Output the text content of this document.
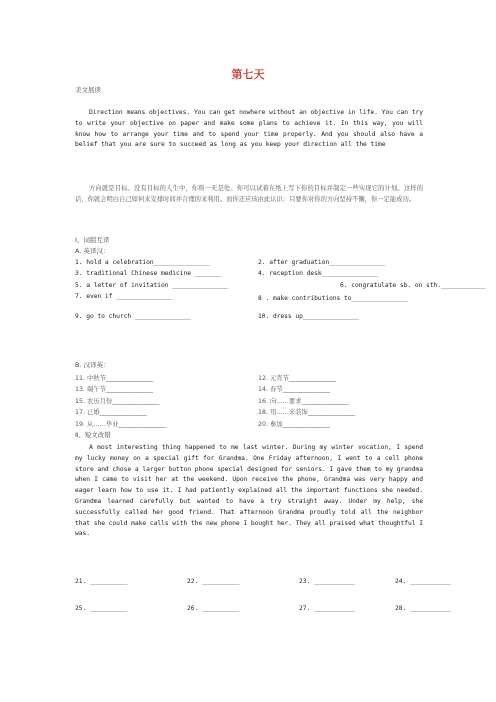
第七天
美文展读
Direction means objectives. You can get nowhere without an objective in life. You can try to write your objective on paper and make some plans to achieve it. In this way, you will know how to arrange your time and to spend your time properly. And you should also have a belief that you are sure to succeed as long as you keep your direction all the time
方向就是目标。没有目标的人生中，你将一无是处。你可以试着在纸上写下你的目标并制定一些实现它的计划。这样的话，你就会明白自己如何来安排时间并合理的来利用。而你还应该由此认识：只要你对你的方向坚持不懈，你一定能成功。
Ⅰ、词组互译
A. 英译汉：
1. hold a celebration_______________	2. after graduation_______________
3. traditional Chinese medicine _______	4. reception desk_______________
5. a letter of invitation _______________	6. congratulate sb. on sth.____________
7. even if _______________	8 . make contributions to_______________
9. go to church _______________	10. dress up_______________
B. 汉译英：
11. 中秋节_______________	12. 元宵节_______________
13. 端午节_______________	14. 春节_______________
15. 农历月份_______________	16. 向……要求_______________
17. 已婚_______________	18. 用……来装饰_______________
19. 从……毕业_______________	20. 参加_______________
Ⅱ、短文改错
A most interesting thing happened to me last winter. During my winter vocation, I spend my lucky money on a special gift for Grandma. One Friday afternoon, I went to a cell phone store and chose a larger button phone special designed for seniors. I gave them to my grandma when I came to visit her at the weekend. Upon receive the phone, Grandma was very happy and eager learn how to use it. I had patiently explained all the important functions she needed. Grandma learned carefully but wanted to have a try straight away. Under my help, she successfully called her good friend. That afternoon Grandma proudly told all the neighbor that she could make calls with the new phone I bought her. They all praised what thoughtful I was.
21. __________	22. __________	23. ___________	24. ___________
25. __________	26. __________	27. ___________	28. ___________
